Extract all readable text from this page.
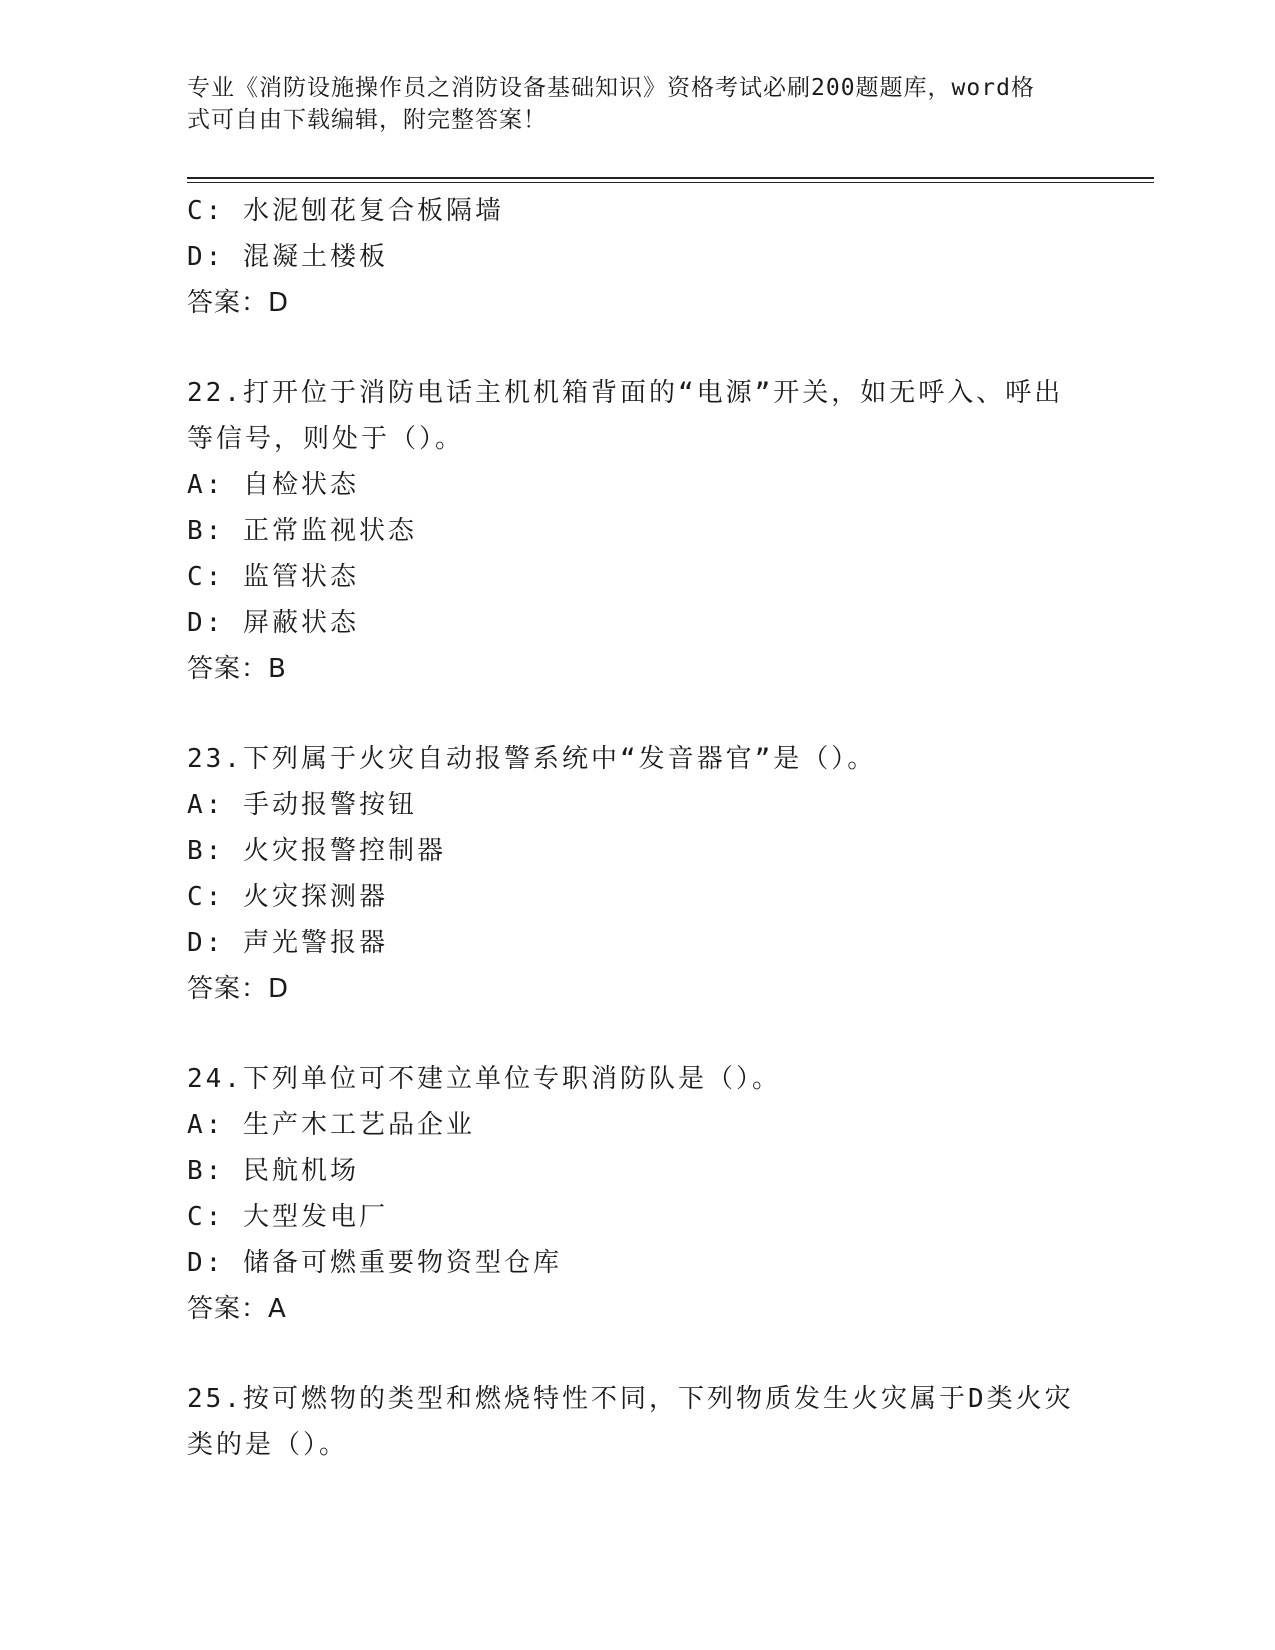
专业《消防设施操作员之消防设备基础知识》资格考试必刷200题题库，word格
式可自由下载编辑，附完整答案！
C: 水泥刨花复合板隔墙
D: 混凝土楼板
答案：D
22.打开位于消防电话主机机箱背面的“电源”开关，如无呼入、呼出
等信号，则处于（）。
A: 自检状态
B: 正常监视状态
C: 监管状态
D: 屏蔽状态
答案：B
23.下列属于火灾自动报警系统中“发音器官”是（）。
A: 手动报警按钮
B: 火灾报警控制器
C: 火灾探测器
D: 声光警报器
答案：D
24.下列单位可不建立单位专职消防队是（）。
A: 生产木工艺品企业
B: 民航机场
C: 大型发电厂
D: 储备可燃重要物资型仓库
答案：A
25.按可燃物的类型和燃烧特性不同，下列物质发生火灾属于D类火灾
类的是（）。
